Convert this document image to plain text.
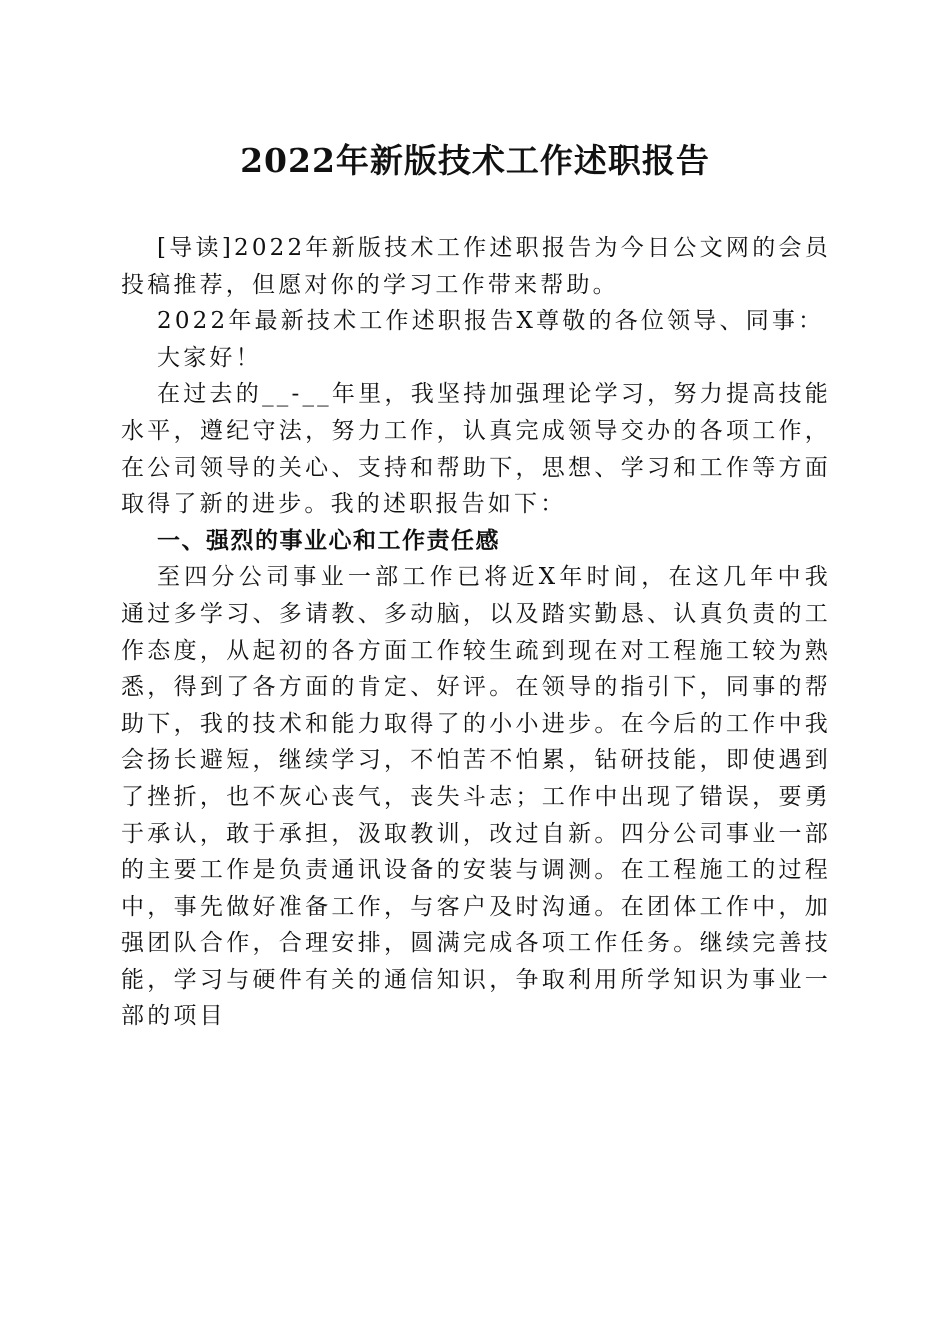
2022年新版技术工作述职报告

[导读]2022年新版技术工作述职报告为今日公文网的会员投稿推荐，但愿对你的学习工作带来帮助。

2022年最新技术工作述职报告X尊敬的各位领导、同事：

大家好！

在过去的__-__年里，我坚持加强理论学习，努力提高技能水平，遵纪守法，努力工作，认真完成领导交办的各项工作，在公司领导的关心、支持和帮助下，思想、学习和工作等方面取得了新的进步。我的述职报告如下：

一、强烈的事业心和工作责任感

至四分公司事业一部工作已将近X年时间，在这几年中我通过多学习、多请教、多动脑，以及踏实勤恳、认真负责的工作态度，从起初的各方面工作较生疏到现在对工程施工较为熟悉，得到了各方面的肯定、好评。在领导的指引下，同事的帮助下，我的技术和能力取得了的小小进步。在今后的工作中我会扬长避短，继续学习，不怕苦不怕累，钻研技能，即使遇到了挫折，也不灰心丧气，丧失斗志；工作中出现了错误，要勇于承认，敢于承担，汲取教训，改过自新。四分公司事业一部的主要工作是负责通讯设备的安装与调测。在工程施工的过程中，事先做好准备工作，与客户及时沟通。在团体工作中，加强团队合作，合理安排，圆满完成各项工作任务。继续完善技能，学习与硬件有关的通信知识，争取利用所学知识为事业一部的项目
